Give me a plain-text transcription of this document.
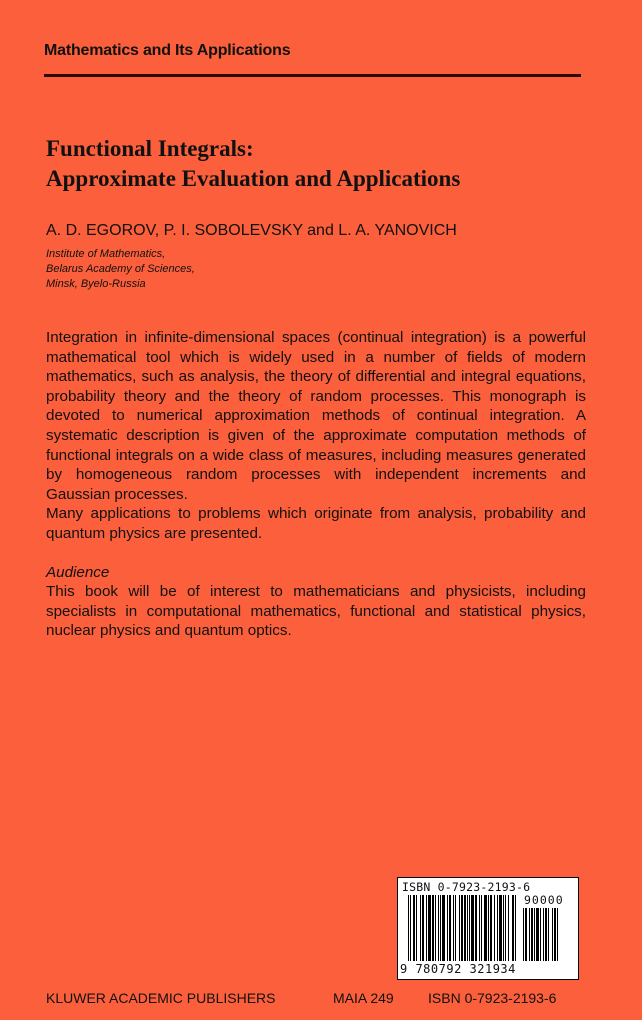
Mathematics and Its Applications
Functional Integrals:
Approximate Evaluation and Applications
A. D. EGOROV, P. I. SOBOLEVSKY and L. A. YANOVICH
Institute of Mathematics,
Belarus Academy of Sciences,
Minsk, Byelo-Russia

Integration in infinite-dimensional spaces (continual integration) is a powerful mathematical tool which is widely used in a number of fields of modern mathematics, such as analysis, the theory of differential and integral equations, probability theory and the theory of random processes. This monograph is devoted to numerical approximation methods of continual integration. A systematic description is given of the approximate computation methods of functional integrals on a wide class of measures, including measures generated by homogeneous random processes with independent increments and Gaussian processes.

Many applications to problems which originate from analysis, probability and quantum physics are presented.

Audience

This book will be of interest to mathematicians and physicists, including specialists in computational mathematics, functional and statistical physics, nuclear physics and quantum optics.

ISBN 0-7923-2193-6
90000
9 780792 321934
KLUWER ACADEMIC PUBLISHERS	MAIA 249 ISBN 0-7923-2193-6
